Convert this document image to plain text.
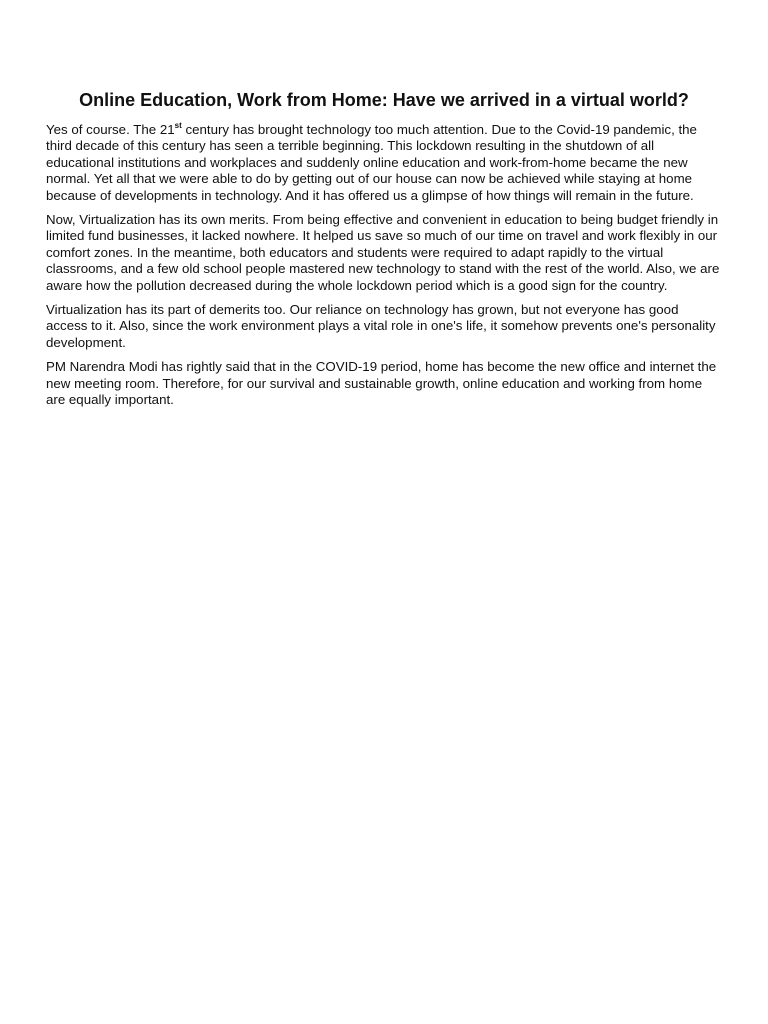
Online Education, Work from Home: Have we arrived in a virtual world?

Yes of course. The 21st century has brought technology too much attention. Due to the Covid-19 pandemic, the third decade of this century has seen a terrible beginning. This lockdown resulting in the shutdown of all educational institutions and workplaces and suddenly online education and work-from-home became the new normal. Yet all that we were able to do by getting out of our house can now be achieved while staying at home because of developments in technology. And it has offered us a glimpse of how things will remain in the future.

Now, Virtualization has its own merits. From being effective and convenient in education to being budget friendly in limited fund businesses, it lacked nowhere. It helped us save so much of our time on travel and work flexibly in our comfort zones. In the meantime, both educators and students were required to adapt rapidly to the virtual classrooms, and a few old school people mastered new technology to stand with the rest of the world. Also, we are aware how the pollution decreased during the whole lockdown period which is a good sign for the country.

Virtualization has its part of demerits too. Our reliance on technology has grown, but not everyone has good access to it. Also, since the work environment plays a vital role in one's life, it somehow prevents one's personality development.

PM Narendra Modi has rightly said that in the COVID-19 period, home has become the new office and internet the new meeting room. Therefore, for our survival and sustainable growth, online education and working from home are equally important.
